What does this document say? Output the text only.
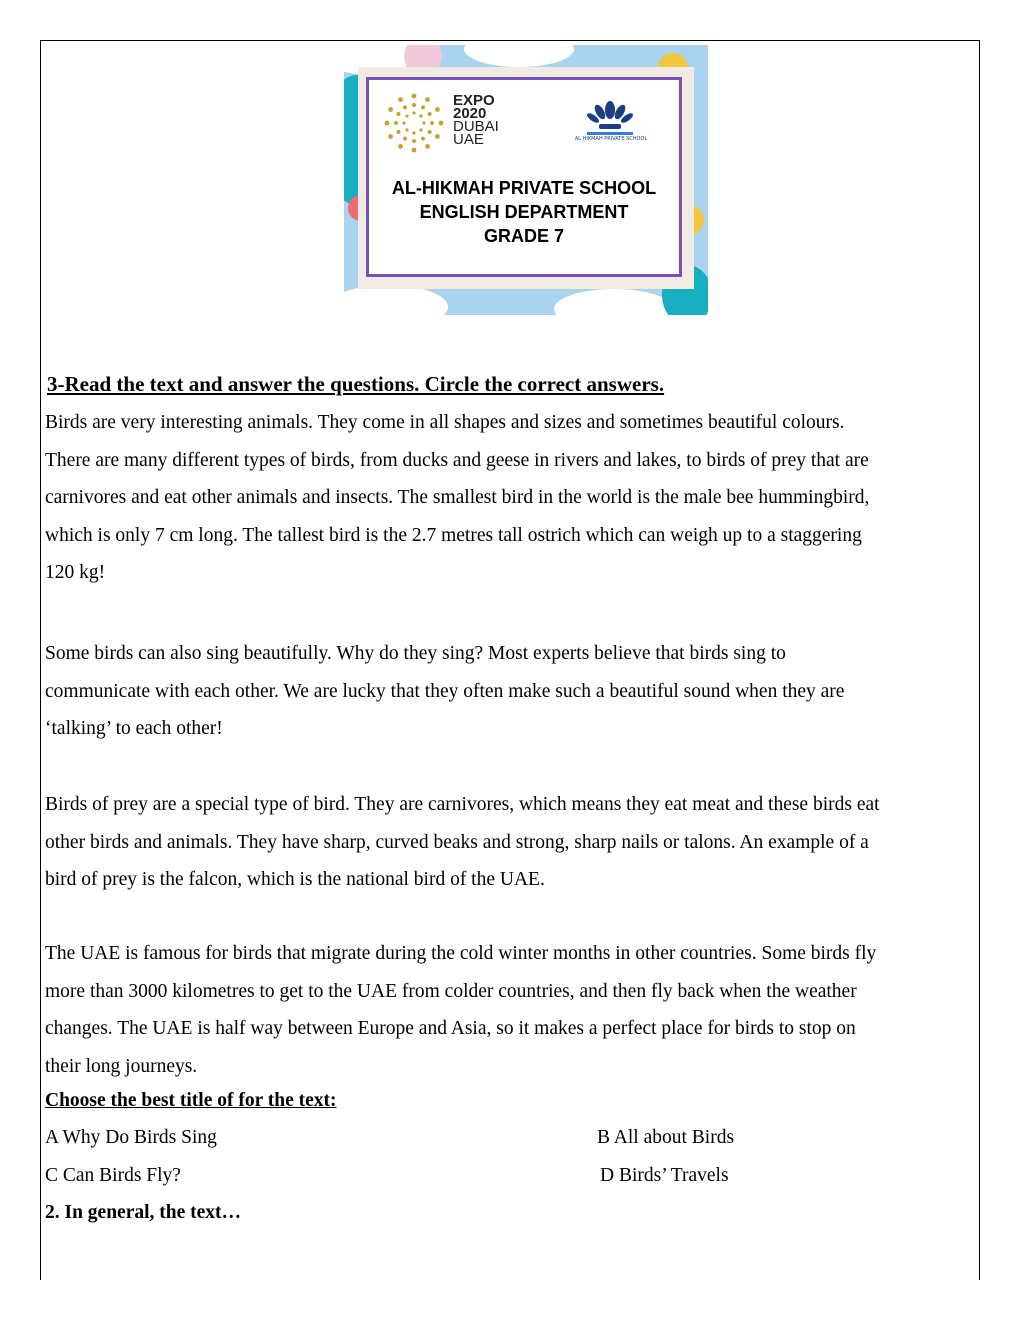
EXPO
2020
DUBAI
UAE	AL HIKMAH PRIVATE SCHOOL
AL-HIKMAH PRIVATE SCHOOL
ENGLISH DEPARTMENT
GRADE 7
3-Read the text and answer the questions. Circle the correct answers.
Birds are very interesting animals. They come in all shapes and sizes and sometimes beautiful colours.
There are many different types of birds, from ducks and geese in rivers and lakes, to birds of prey that are
carnivores and eat other animals and insects. The smallest bird in the world is the male bee hummingbird,
which is only 7 cm long. The tallest bird is the 2.7 metres tall ostrich which can weigh up to a staggering
120 kg!
Some birds can also sing beautifully. Why do they sing? Most experts believe that birds sing to
communicate with each other. We are lucky that they often make such a beautiful sound when they are
‘talking’ to each other!
Birds of prey are a special type of bird. They are carnivores, which means they eat meat and these birds eat
other birds and animals. They have sharp, curved beaks and strong, sharp nails or talons. An example of a
bird of prey is the falcon, which is the national bird of the UAE.
The UAE is famous for birds that migrate during the cold winter months in other countries. Some birds fly
more than 3000 kilometres to get to the UAE from colder countries, and then fly back when the weather
changes. The UAE is half way between Europe and Asia, so it makes a perfect place for birds to stop on
their long journeys.
Choose the best title of for the text:
A Why Do Birds Sing	B All about Birds
C Can Birds Fly?	D Birds’ Travels
2. In general, the text…
